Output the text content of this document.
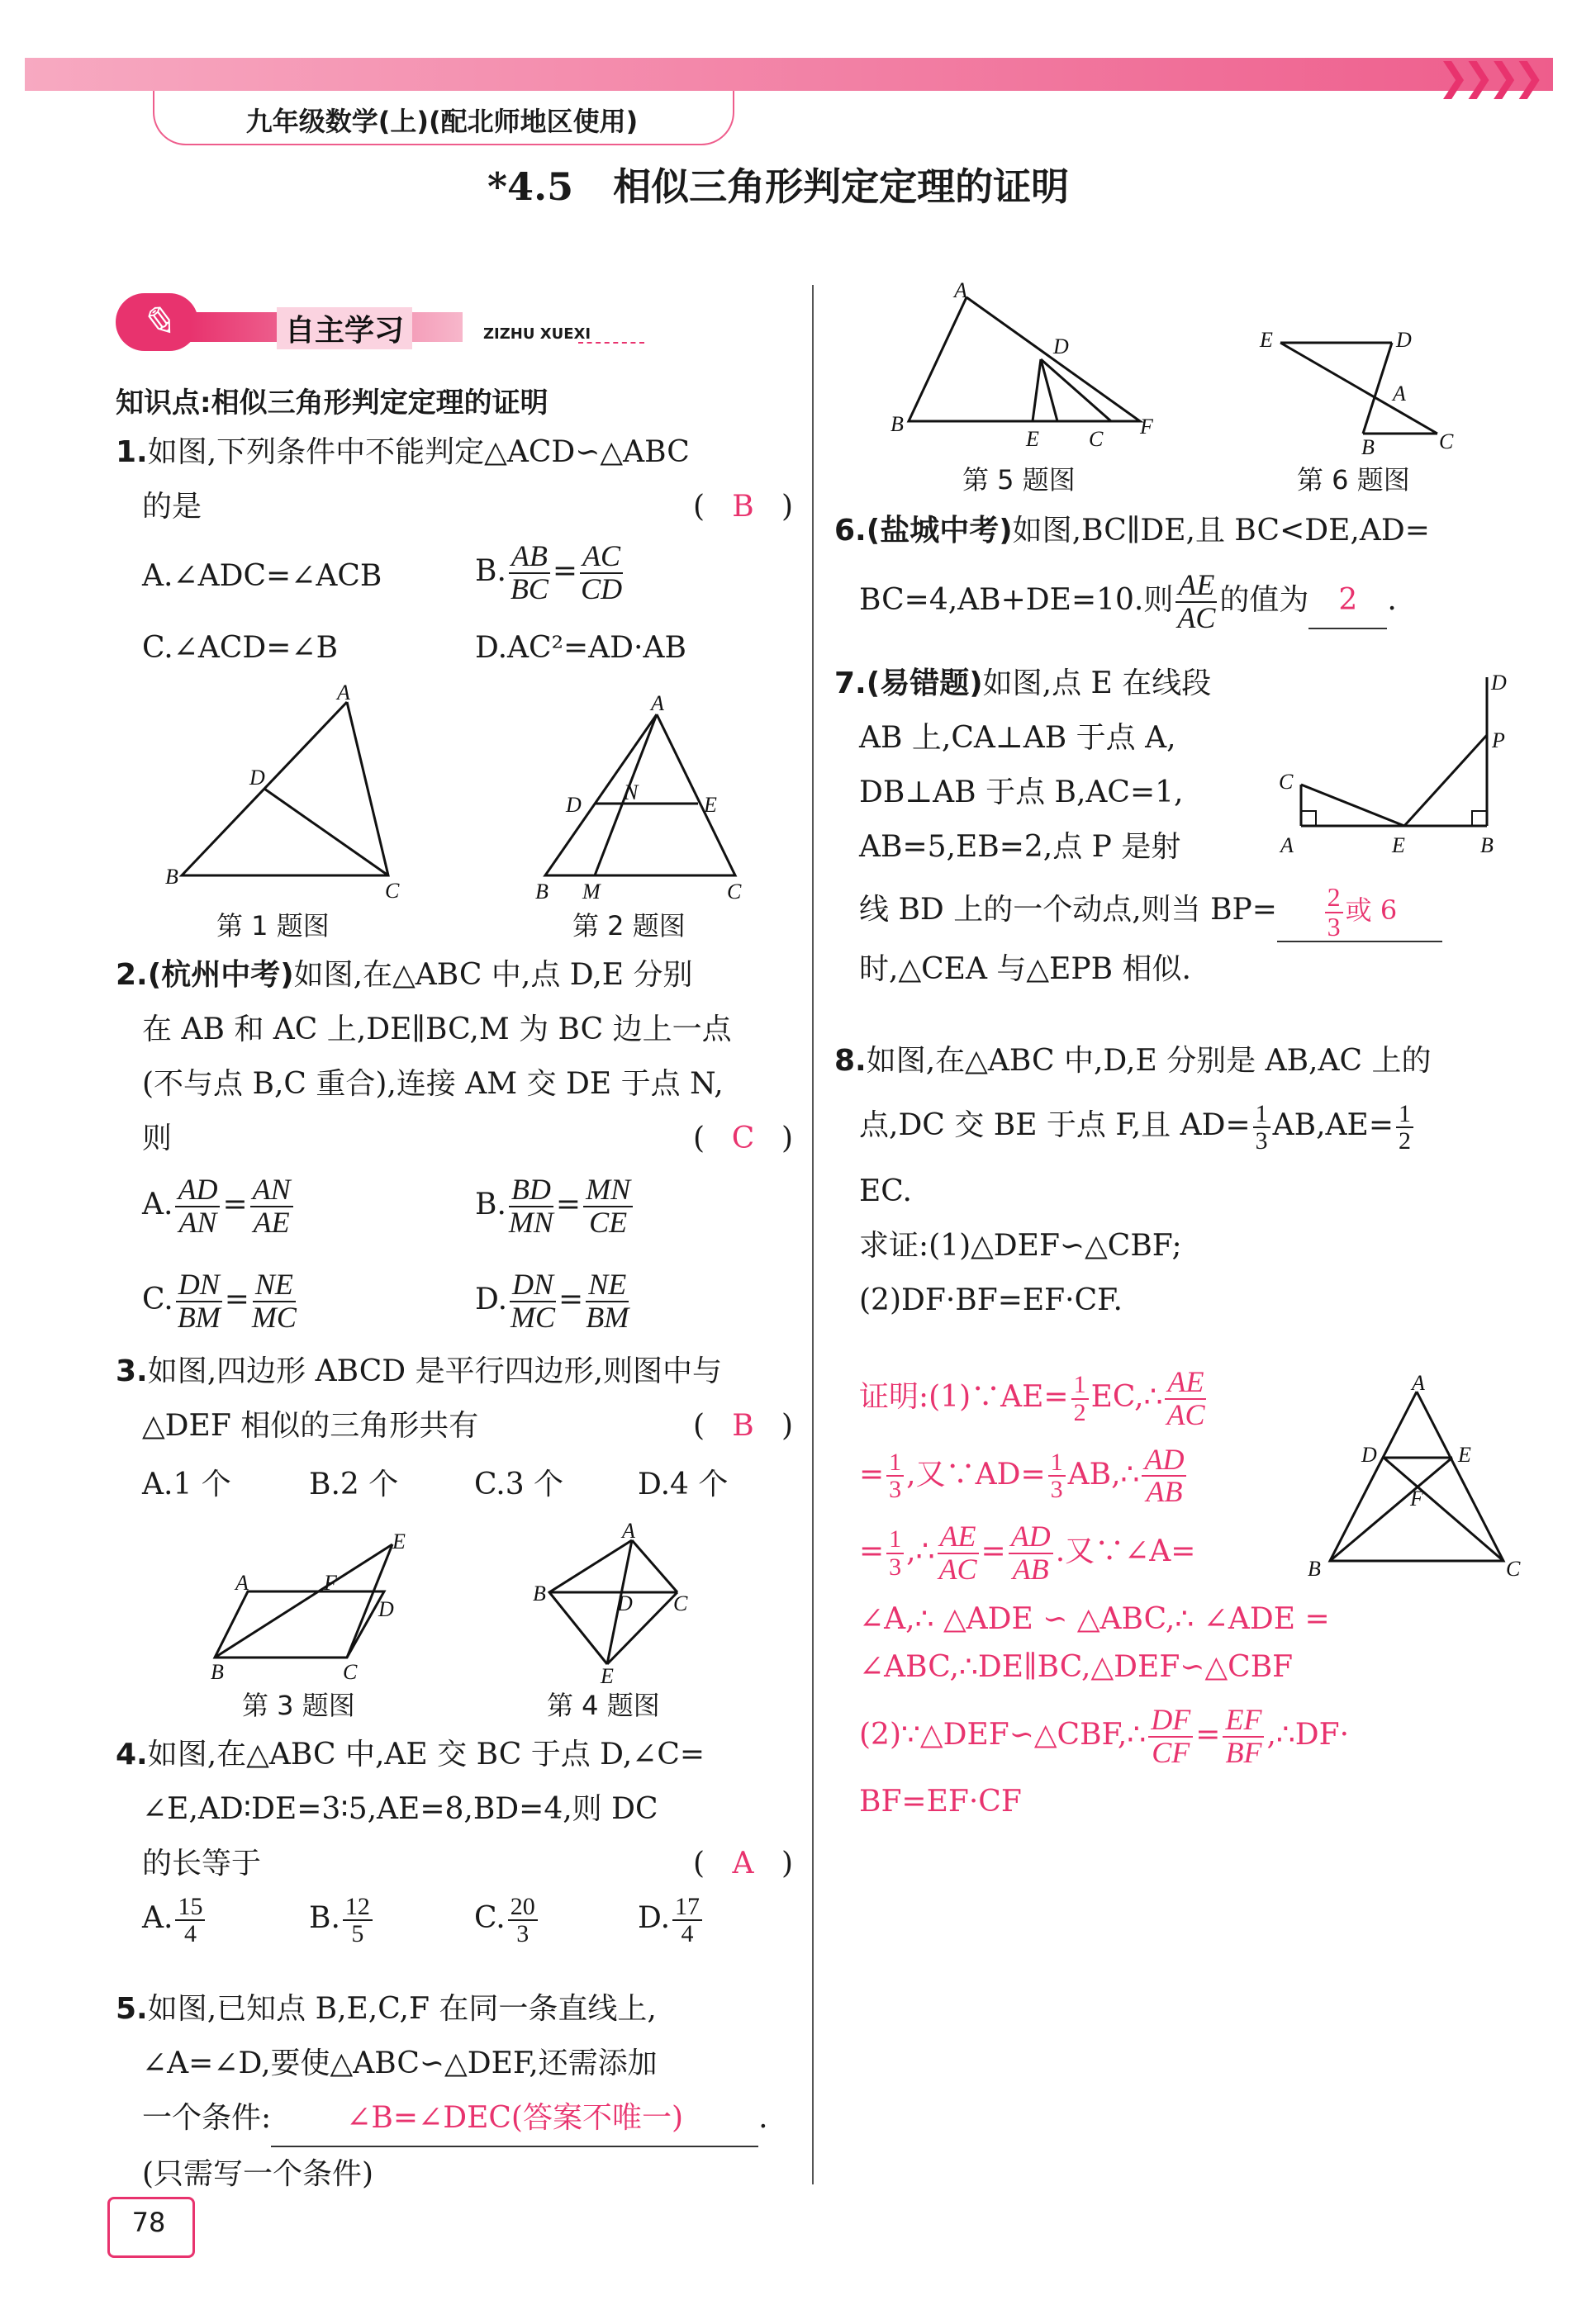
❯❯❯❯
九年级数学(上)(配北师地区使用)
*4.5   相似三角形判定定理的证明
✎	自主学习	ZIZHU XUEXI
知识点:相似三角形判定定理的证明
1.如图,下列条件中不能判定△ACD∽△ABC
的是	( B )
A.∠ADC=∠ACB	B. $\frac{AB}{BC} = \frac{AC}{CD}$
C.∠ACD=∠B	D.AC²=AD·AB
A
D
B
C
第 1 题图
A
D
N
E
B M	C
第 2 题图
2.(杭州中考)如图,在△ABC 中,点 D,E 分别
在 AB 和 AC 上,DE∥BC,M 为 BC 边上一点
(不与点 B,C 重合),连接 AM 交 DE 于点 N,
则	( C )
A. $\frac{AD}{AN} = \frac{AN}{AE}$	B. $\frac{BD}{MN} = \frac{MN}{CE}$
C. $\frac{DN}{BM} = \frac{NE}{MC}$	D. $\frac{DN}{MC} = \frac{NE}{BM}$
3.如图,四边形 ABCD 是平行四边形,则图中与
△DEF 相似的三角形共有	( B )
A.1 个	B.2 个	C.3 个 D.4 个
A	F
D
E
B	C
第 3 题图
A
B	D C
E
第 4 题图
4.如图,在△ABC 中,AE 交 BC 于点 D,∠C=
∠E,AD∶DE=3∶5,AE=8,BD=4,则 DC
的长等于	( A )
A. $\frac{15}{4}$	B. $\frac{12}{5}$	C. $\frac{20}{3}$	D. $\frac{17}{4}$
5.如图,已知点 B,E,C,F 在同一条直线上,
∠A=∠D,要使△ABC∽△DEF,还需添加
一个条件:	∠B=∠DEC(答案不唯一)	.
(只需写一个条件)
A
B
D
E C
F
第 5 题图
E	D
A
B	C
第 6 题图
6.(盐城中考)如图,BC∥DE,且 BC<DE,AD=
BC=4,AB+DE=10.则 $\frac{AE}{AC}$ 的值为 2 .
7.(易错题)如图,点 E 在线段
AB 上,CA⊥AB 于点 A,
DB⊥AB 于点 B,AC=1,
AB=5,EB=2,点 P 是射
线 BD 上的一个动点,则当 $BP= \frac{2}{3}$ 或 6
时,△CEA 与△EPB 相似.
D
P
C
A	E	B
8.如图,在△ABC 中,D,E 分别是 AB,AC 上的
点,DC 交 BE 于点 F,且 $AD= \frac{1}{3} AB,AE= \frac{1}{2}$
EC.
求证:(1)△DEF∽△CBF;
(2)DF·BF=EF·CF.
证明:(1)∵AE= $\frac{1}{2}$ EC,∴ $\frac{AE}{AC}$
= $\frac{1}{3}$ ,又∵AD= $\frac{1}{3}$ AB,∴ $\frac{AD}{AB}$
= $\frac{1}{3}$ ,∴ $\frac{AE}{AC} = \frac{AD}{AB}$ .又∵∠A=
∠A,∴ △ADE ∽ △ABC,∴ ∠ADE =
∠ABC,∴DE∥BC,△DEF∽△CBF
(2)∵△DEF∽△CBF,∴ $\frac{DF}{CF} = \frac{EF}{BF}$ ,∴DF·
BF=EF·CF
A
D	E
F
B	C
78
